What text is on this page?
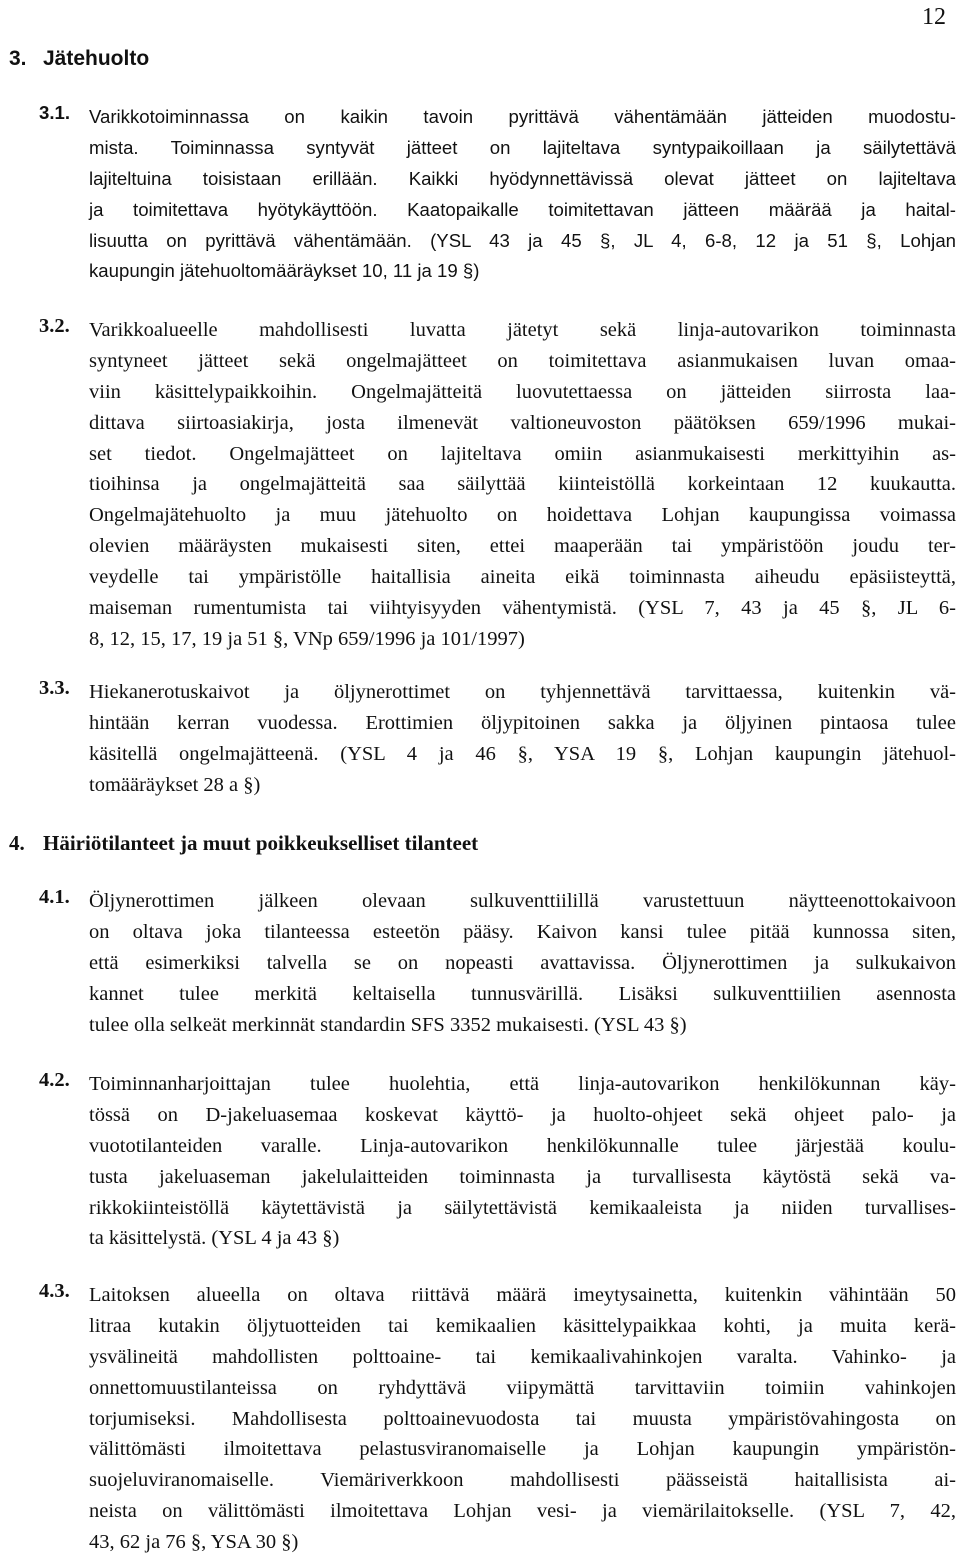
12
3. Jätehuolto
3.1. Varikkotoiminnassa on kaikin tavoin pyrittävä vähentämään jätteiden muodostu-
mista. Toiminnassa syntyvät jätteet on lajiteltava syntypaikoillaan ja säilytettävä
lajiteltuina toisistaan erillään. Kaikki hyödynnettävissä olevat jätteet on lajiteltava
ja toimitettava hyötykäyttöön. Kaatopaikalle toimitettavan jätteen määrää ja haital-
lisuutta on pyrittävä vähentämään. (YSL 43 ja 45 §, JL 4, 6-8, 12 ja 51 §, Lohjan
kaupungin jätehuoltomääräykset 10, 11 ja 19 §)
3.2. Varikkoalueelle mahdollisesti luvatta jätetyt sekä linja-autovarikon toiminnasta
syntyneet jätteet sekä ongelmajätteet on toimitettava asianmukaisen luvan omaa-
viin käsittelypaikkoihin. Ongelmajätteitä luovutettaessa on jätteiden siirrosta laa-
dittava siirtoasiakirja, josta ilmenevät valtioneuvoston päätöksen 659/1996 mukai-
set tiedot. Ongelmajätteet on lajiteltava omiin asianmukaisesti merkittyihin as-
tioihinsa ja ongelmajätteitä saa säilyttää kiinteistöllä korkeintaan 12 kuukautta.
Ongelmajätehuolto ja muu jätehuolto on hoidettava Lohjan kaupungissa voimassa
olevien määräysten mukaisesti siten, ettei maaperään tai ympäristöön joudu ter-
veydelle tai ympäristölle haitallisia aineita eikä toiminnasta aiheudu epäsiisteyttä,
maiseman rumentumista tai viihtyisyyden vähentymistä. (YSL 7, 43 ja 45 §, JL 6-
8, 12, 15, 17, 19 ja 51 §, VNp 659/1996 ja 101/1997)
3.3. Hiekanerotuskaivot ja öljynerottimet on tyhjennettävä tarvittaessa, kuitenkin vä-
hintään kerran vuodessa. Erottimien öljypitoinen sakka ja öljyinen pintaosa tulee
käsitellä ongelmajätteenä. (YSL 4 ja 46 §, YSA 19 §, Lohjan kaupungin jätehuol-
tomääräykset 28 a §)
4. Häiriötilanteet ja muut poikkeukselliset tilanteet
4.1. Öljynerottimen jälkeen olevaan sulkuventtiilillä varustettuun näytteenottokaivoon
on oltava joka tilanteessa esteetön pääsy. Kaivon kansi tulee pitää kunnossa siten,
että esimerkiksi talvella se on nopeasti avattavissa. Öljynerottimen ja sulkukaivon
kannet tulee merkitä keltaisella tunnusvärillä. Lisäksi sulkuventtiilien asennosta
tulee olla selkeät merkinnät standardin SFS 3352 mukaisesti. (YSL 43 §)
4.2. Toiminnanharjoittajan tulee huolehtia, että linja-autovarikon henkilökunnan käy-
tössä on D-jakeluasemaa koskevat käyttö- ja huolto-ohjeet sekä ohjeet palo- ja
vuototilanteiden varalle. Linja-autovarikon henkilökunnalle tulee järjestää koulu-
tusta jakeluaseman jakelulaitteiden toiminnasta ja turvallisesta käytöstä sekä va-
rikkokiinteistöllä käytettävistä ja säilytettävistä kemikaaleista ja niiden turvallises-
ta käsittelystä. (YSL 4 ja 43 §)
4.3. Laitoksen alueella on oltava riittävä määrä imeytysainetta, kuitenkin vähintään 50
litraa kutakin öljytuotteiden tai kemikaalien käsittelypaikkaa kohti, ja muita kerä-
ysvälineitä mahdollisten polttoaine- tai kemikaalivahinkojen varalta. Vahinko- ja
onnettomuustilanteissa on ryhdyttävä viipymättä tarvittaviin toimiin vahinkojen
torjumiseksi. Mahdollisesta polttoainevuodosta tai muusta ympäristövahingosta on
välittömästi ilmoitettava pelastusviranomaiselle ja Lohjan kaupungin ympäristön-
suojeluviranomaiselle. Viemäriverkkoon mahdollisesti päässeistä haitallisista ai-
neista on välittömästi ilmoitettava Lohjan vesi- ja viemärilaitokselle. (YSL 7, 42,
43, 62 ja 76 §, YSA 30 §)
